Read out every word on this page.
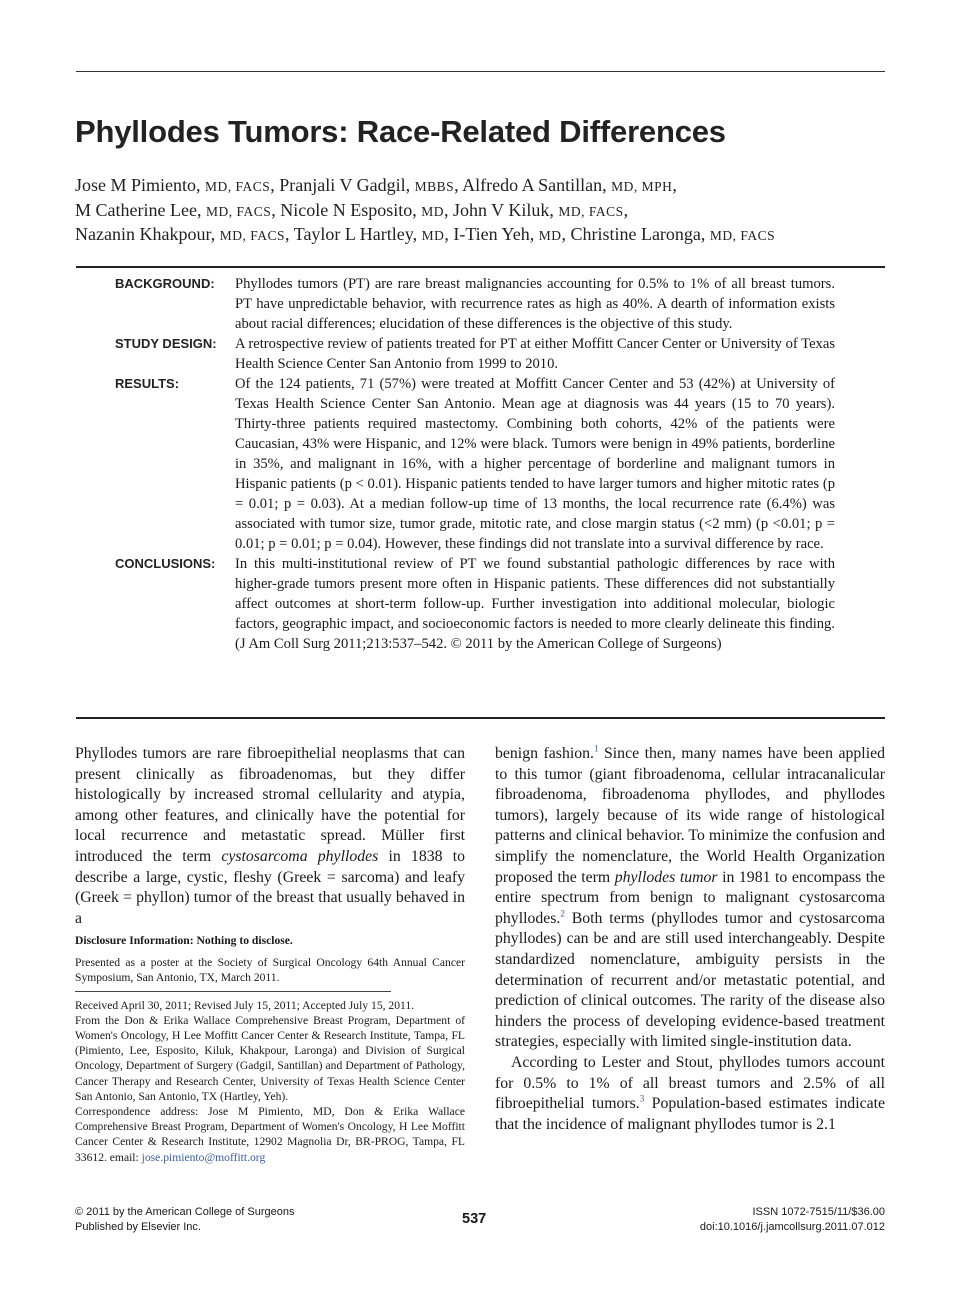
Phyllodes Tumors: Race-Related Differences
Jose M Pimiento, MD, FACS, Pranjali V Gadgil, MBBS, Alfredo A Santillan, MD, MPH,
M Catherine Lee, MD, FACS, Nicole N Esposito, MD, John V Kiluk, MD, FACS,
Nazanin Khakpour, MD, FACS, Taylor L Hartley, MD, I-Tien Yeh, MD, Christine Laronga, MD, FACS
BACKGROUND:	Phyllodes tumors (PT) are rare breast malignancies accounting for 0.5% to 1% of all breast tumors. PT have unpredictable behavior, with recurrence rates as high as 40%. A dearth of information exists about racial differences; elucidation of these differences is the objective of this study.
STUDY DESIGN:	A retrospective review of patients treated for PT at either Moffitt Cancer Center or University of Texas Health Science Center San Antonio from 1999 to 2010.
RESULTS:	Of the 124 patients, 71 (57%) were treated at Moffitt Cancer Center and 53 (42%) at University of Texas Health Science Center San Antonio. Mean age at diagnosis was 44 years (15 to 70 years). Thirty-three patients required mastectomy. Combining both cohorts, 42% of the patients were Caucasian, 43% were Hispanic, and 12% were black. Tumors were benign in 49% patients, borderline in 35%, and malignant in 16%, with a higher percentage of borderline and malignant tumors in Hispanic patients (p < 0.01). Hispanic patients tended to have larger tumors and higher mitotic rates (p = 0.01; p = 0.03). At a median follow-up time of 13 months, the local recurrence rate (6.4%) was associated with tumor size, tumor grade, mitotic rate, and close margin status (<2 mm) (p <0.01; p = 0.01; p = 0.01; p = 0.04). However, these findings did not translate into a survival difference by race.
CONCLUSIONS:	In this multi-institutional review of PT we found substantial pathologic differences by race with higher-grade tumors present more often in Hispanic patients. These differences did not substantially affect outcomes at short-term follow-up. Further investigation into additional molecular, biologic factors, geographic impact, and socioeconomic factors is needed to more clearly delineate this finding. (J Am Coll Surg 2011;213:537–542. © 2011 by the American College of Surgeons)

Phyllodes tumors are rare fibroepithelial neoplasms that can present clinically as fibroadenomas, but they differ histologically by increased stromal cellularity and atypia, among other features, and clinically have the potential for local recurrence and metastatic spread. Müller first introduced the term cystosarcoma phyllodes in 1838 to describe a large, cystic, fleshy (Greek = sarcoma) and leafy (Greek = phyllon) tumor of the breast that usually behaved in a

benign fashion.$^1$ Since then, many names have been applied to this tumor (giant fibroadenoma, cellular intracanalicular fibroadenoma, fibroadenoma phyllodes, and phyllodes tumors), largely because of its wide range of histological patterns and clinical behavior. To minimize the confusion and simplify the nomenclature, the World Health Organization proposed the term phyllodes tumor in 1981 to encompass the entire spectrum from benign to malignant cystosarcoma phyllodes.$^2$ Both terms (phyllodes tumor and cystosarcoma phyllodes) can be and are still used interchangeably. Despite standardized nomenclature, ambiguity persists in the determination of recurrent and/or metastatic potential, and prediction of clinical outcomes. The rarity of the disease also hinders the process of developing evidence-based treatment strategies, especially with limited single-institution data.

According to Lester and Stout, phyllodes tumors account for 0.5% to 1% of all breast tumors and 2.5% of all fibroepithelial tumors.$^3$ Population-based estimates indicate that the incidence of malignant phyllodes tumor is 2.1

Disclosure Information: Nothing to disclose.

Presented as a poster at the Society of Surgical Oncology 64th Annual Cancer Symposium, San Antonio, TX, March 2011.

Received April 30, 2011; Revised July 15, 2011; Accepted July 15, 2011.

From the Don & Erika Wallace Comprehensive Breast Program, Department of Women's Oncology, H Lee Moffitt Cancer Center & Research Institute, Tampa, FL (Pimiento, Lee, Esposito, Kiluk, Khakpour, Laronga) and Division of Surgical Oncology, Department of Surgery (Gadgil, Santillan) and Department of Pathology, Cancer Therapy and Research Center, University of Texas Health Science Center San Antonio, San Antonio, TX (Hartley, Yeh).

Correspondence address: Jose M Pimiento, MD, Don & Erika Wallace Comprehensive Breast Program, Department of Women's Oncology, H Lee Moffitt Cancer Center & Research Institute, 12902 Magnolia Dr, BR-PROG, Tampa, FL 33612. email: jose.pimiento@moffitt.org

© 2011 by the American College of Surgeons
Published by Elsevier Inc.	537	ISSN 1072-7515/11/$36.00
doi:10.1016/j.jamcollsurg.2011.07.012
